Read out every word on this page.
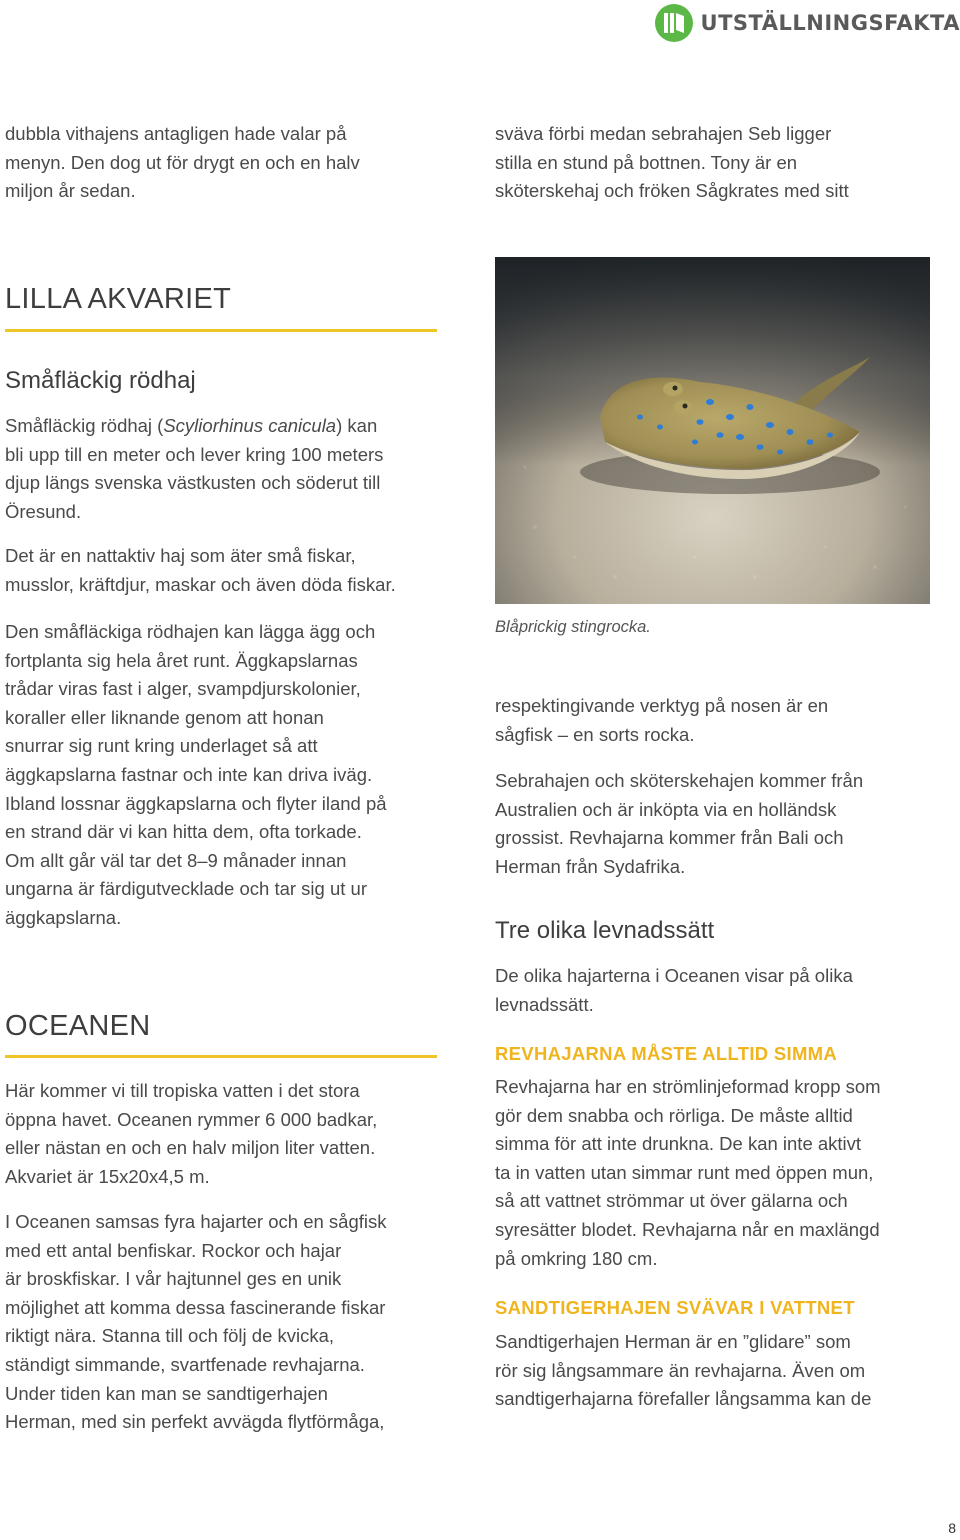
UTSTÄLLNINGSFAKTA
dubbla vithajens antagligen hade valar på
menyn. Den dog ut för drygt en och en halv
miljon år sedan.
sväva förbi medan sebrahajen Seb ligger
stilla en stund på bottnen. Tony är en
sköterskehaj och fröken Sågkrates med sitt
LILLA AKVARIET
Småfläckig rödhaj
Småfläckig rödhaj (Scyliorhinus canicula) kan
bli upp till en meter och lever kring 100 meters
djup längs svenska västkusten och söderut till
Öresund.
Det är en nattaktiv haj som äter små fiskar,
musslor, kräftdjur, maskar och även döda fiskar.
Den småfläckiga rödhajen kan lägga ägg och
fortplanta sig hela året runt. Äggkapslarnas
trådar viras fast i alger, svampdjurskolonier,
koraller eller liknande genom att honan
snurrar sig runt kring underlaget så att
äggkapslarna fastnar och inte kan driva iväg.
Ibland lossnar äggkapslarna och flyter iland på
en strand där vi kan hitta dem, ofta torkade.
Om allt går väl tar det 8–9 månader innan
ungarna är färdigutvecklade och tar sig ut ur
äggkapslarna.
OCEANEN
Här kommer vi till tropiska vatten i det stora
öppna havet. Oceanen rymmer 6 000 badkar,
eller nästan en och en halv miljon liter vatten.
Akvariet är 15x20x4,5 m.
I Oceanen samsas fyra hajarter och en sågfisk
med ett antal benfiskar. Rockor och hajar
är broskfiskar. I vår hajtunnel ges en unik
möjlighet att komma dessa fascinerande fiskar
riktigt nära. Stanna till och följ de kvicka,
ständigt simmande, svartfenade revhajarna.
Under tiden kan man se sandtigerhajen
Herman, med sin perfekt avvägda flytförmåga,
Blåprickig stingrocka.
respektingivande verktyg på nosen är en
sågfisk – en sorts rocka.
Sebrahajen och sköterskehajen kommer från
Australien och är inköpta via en holländsk
grossist. Revhajarna kommer från Bali och
Herman från Sydafrika.
Tre olika levnadssätt
De olika hajarterna i Oceanen visar på olika
levnadssätt.
REVHAJARNA MÅSTE ALLTID SIMMA
Revhajarna har en strömlinjeformad kropp som
gör dem snabba och rörliga. De måste alltid
simma för att inte drunkna. De kan inte aktivt
ta in vatten utan simmar runt med öppen mun,
så att vattnet strömmar ut över gälarna och
syresätter blodet. Revhajarna når en maxlängd
på omkring 180 cm.
SANDTIGERHAJEN SVÄVAR I VATTNET
Sandtigerhajen Herman är en ”glidare” som
rör sig långsammare än revhajarna. Även om
sandtigerhajarna förefaller långsamma kan de
8
